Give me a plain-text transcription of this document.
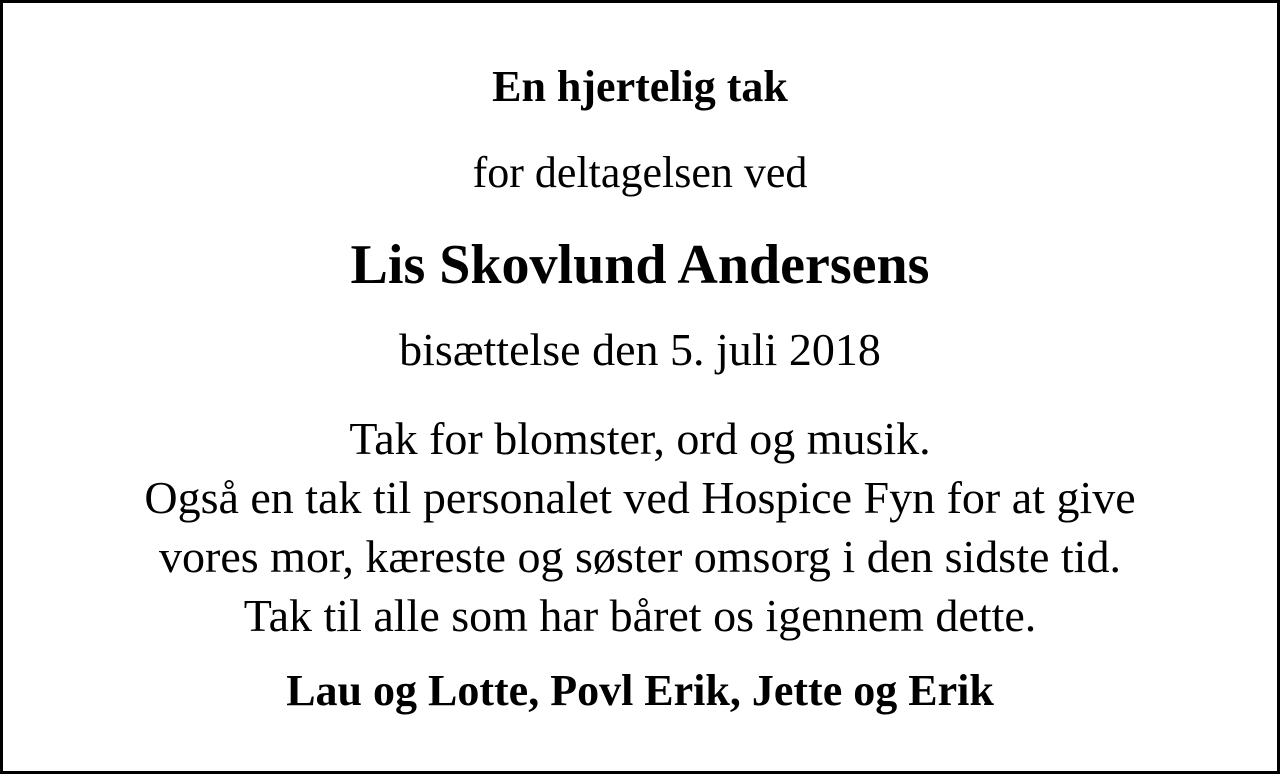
En hjertelig tak

for deltagelsen ved

Lis Skovlund Andersens

bisættelse den 5. juli 2018

Tak for blomster, ord og musik.
Også en tak til personalet ved Hospice Fyn for at give
vores mor, kæreste og søster omsorg i den sidste tid.
Tak til alle som har båret os igennem dette.

Lau og Lotte, Povl Erik, Jette og Erik
